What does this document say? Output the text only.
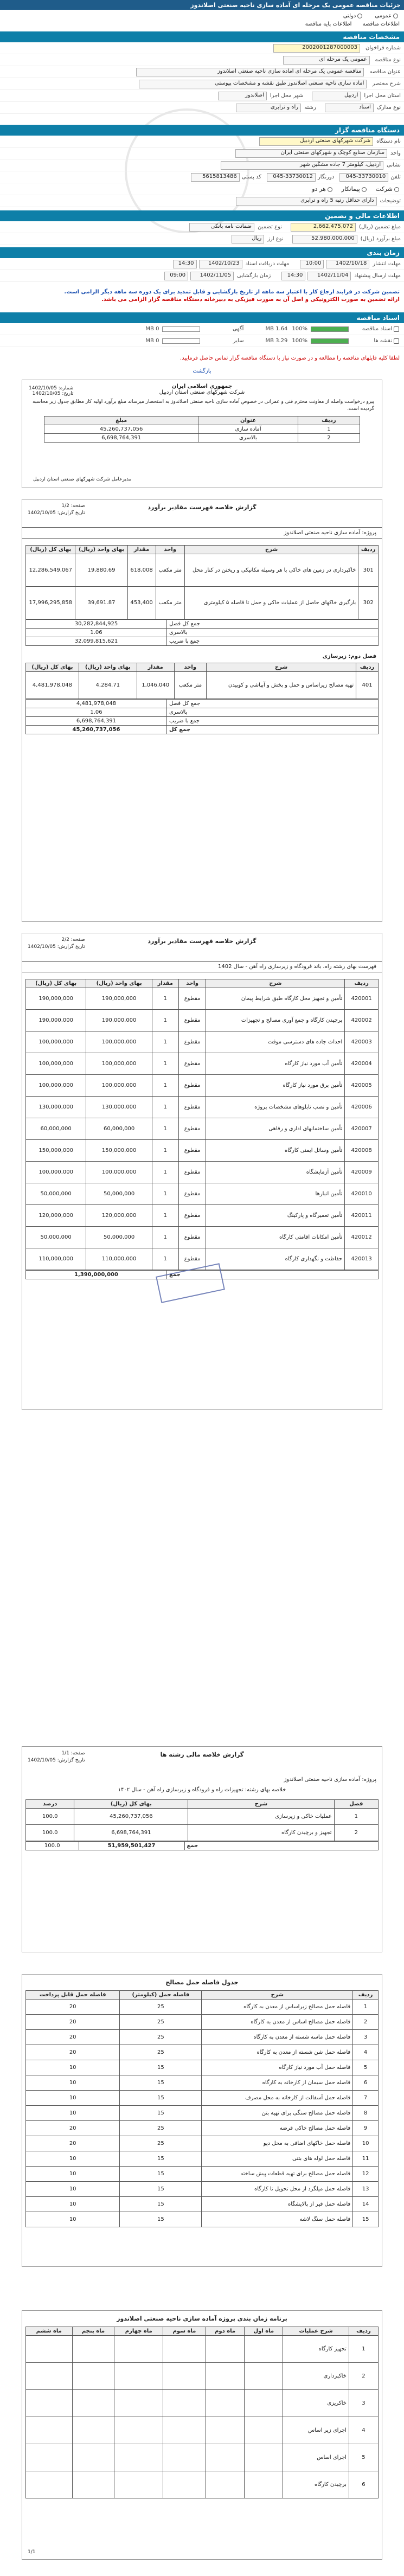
جزئیات مناقصه عمومی یک مرحله ای آماده سازی ناحیه صنعتی اصلاندوز
عمومی
دولتی
اطلاعات مناقصه
اطلاعات پایه مناقصه
مشخصات مناقصه
شماره فراخوان
2002001287000003
نوع مناقصه
عمومی یک مرحله ای
عنوان مناقصه
مناقصه عمومی یک مرحله ای آماده سازی ناحیه صنعتی اصلاندوز
شرح مختصر
آماده سازی ناحیه صنعتی اصلاندوز طبق نقشه و مشخصات پیوستی
استان محل اجرا
اردبیل
شهر محل اجرا
اصلاندوز
نوع مدارک
اسناد
رشته
راه و ترابری
دستگاه مناقصه گزار
نام دستگاه
شرکت شهرکهای صنعتی اردبیل
واحد
سازمان صنایع کوچک و شهرکهای صنعتی ایران
نشانی
اردبیل، کیلومتر 7 جاده مشگین شهر
تلفن
045-33730010
دورنگار
045-33730012
کد پستی
5615813486
شرکت
پیمانکار
هر دو
توضیحات
دارای حداقل رتبه 5 راه و ترابری
اطلاعات مالی و تضمین
مبلغ تضمین (ریال)
2,662,475,072
نوع تضمین
ضمانت نامه بانکی
مبلغ برآورد (ریال)
52,980,000,000
نوع ارز
ریال
زمان بندی
مهلت انتشار
1402/10/18
10:00
مهلت دریافت اسناد
1402/10/23
14:30
مهلت ارسال پیشنهاد
1402/11/04
14:30
زمان بازگشایی
1402/11/05
09:00
تضمین شرکت در فرایند ارجاع کار با اعتبار سه ماهه از تاریخ بازگشایی و قابل تمدید برای یک دوره سه ماهه دیگر الزامی است.
ارائه تضمین به صورت الکترونیکی و اصل آن به صورت فیزیکی به دبیرخانه دستگاه مناقصه گزار الزامی می باشد.
اسناد مناقصه
اسناد مناقصه
100%
1.64 MB
آگهی
0 MB
نقشه ها
100%
3.29 MB
سایر
0 MB
لطفا کلیه فایلهای مناقصه را مطالعه و در صورت نیاز با دستگاه مناقصه گزار تماس حاصل فرمایید.
بازگشت
جمهوری اسلامی ایران
شرکت شهرکهای صنعتی استان اردبیل
شماره: 1402/10/05
تاریخ: 1402/10/05
پیرو درخواست واصله از معاونت محترم فنی و عمرانی در خصوص آماده سازی ناحیه صنعتی اصلاندوز به استحضار میرساند مبلغ برآورد اولیه کار مطابق جدول زیر محاسبه گردیده است.
ردیف	عنوان	مبلغ
1	آماده سازی	45,260,737,056
2	بالاسری	6,698,764,391
مدیرعامل شرکت شهرکهای صنعتی استان اردبیل
گزارش خلاصه فهرست مقادیر برآورد
صفحه: 1/2
تاریخ گزارش: 1402/10/05
پروژه: آماده سازی ناحیه صنعتی اصلاندوز
ردیف	شرح	واحد	مقدار	بهای واحد (ریال)	بهای کل (ریال)
301	خاکبرداری در زمین های خاکی با هر وسیله مکانیکی و ریختن در کنار محل	متر مکعب	618,008	19,880.69	12,286,549,067
302	بارگیری خاکهای حاصل از عملیات خاکی و حمل تا فاصله ۵ کیلومتری	متر مکعب	453,400	39,691.87	17,996,295,858
جمع کل فصل	30,282,844,925
بالاسری	1.06
جمع با ضریب	32,099,815,621
فصل دوم: زیرسازی
ردیف	شرح	واحد	مقدار	بهای واحد (ریال)	بهای کل (ریال)
401	تهیه مصالح زیراساس و حمل و پخش و آبپاشی و کوبیدن	متر مکعب	1,046,040	4,284.71	4,481,978,048
جمع کل فصل	4,481,978,048
بالاسری	1.06
جمع با ضریب	6,698,764,391
جمع کل	45,260,737,056
گزارش خلاصه فهرست مقادیر برآورد
صفحه: 2/2
تاریخ گزارش: 1402/10/05
فهرست بهای رشته راه، باند فرودگاه و زیرسازی راه آهن - سال 1402
ردیف	شرح	واحد	مقدار	بهای واحد (ریال)	بهای کل (ریال)
420001	تأمین و تجهیز محل کارگاه طبق شرایط پیمان	مقطوع	1	190,000,000	190,000,000
420002	برچیدن کارگاه و جمع آوری مصالح و تجهیزات	مقطوع	1	190,000,000	190,000,000
420003	احداث جاده های دسترسی موقت	مقطوع	1	100,000,000	100,000,000
420004	تأمین آب مورد نیاز کارگاه	مقطوع	1	100,000,000	100,000,000
420005	تأمین برق مورد نیاز کارگاه	مقطوع	1	100,000,000	100,000,000
420006	تأمین و نصب تابلوهای مشخصات پروژه	مقطوع	1	130,000,000	130,000,000
420007	تأمین ساختمانهای اداری و رفاهی	مقطوع	1	60,000,000	60,000,000
420008	تأمین وسائل ایمنی کارگاه	مقطوع	1	150,000,000	150,000,000
420009	تأمین آزمایشگاه	مقطوع	1	100,000,000	100,000,000
420010	تأمین انبارها	مقطوع	1	50,000,000	50,000,000
420011	تأمین تعمیرگاه و پارکینگ	مقطوع	1	120,000,000	120,000,000
420012	تأمین امکانات اقامتی کارگاه	مقطوع	1	50,000,000	50,000,000
420013	حفاظت و نگهداری کارگاه	مقطوع	1	110,000,000	110,000,000
جمع	1,390,000,000
گزارش خلاصه مالی رشته ها
صفحه: 1/1
تاریخ گزارش: 1402/10/05
پروژه: آماده سازی ناحیه صنعتی اصلاندوز
خلاصه بهای رشته: تجهیزات راه و فرودگاه و زیرسازی راه آهن - سال ۱۴۰۲
فصل	شرح	بهای کل (ریال)	درصد
1	عملیات خاکی و زیرسازی	45,260,737,056	100.0
2	تجهیز و برچیدن کارگاه	6,698,764,391	100.0
جمع	51,959,501,427	100.0
جدول فاصله حمل مصالح
ردیف	شرح	فاصله حمل (کیلومتر)	فاصله حمل قابل پرداخت
1	فاصله حمل مصالح زیراساس از معدن به کارگاه	25	20
2	فاصله حمل مصالح اساس از معدن به کارگاه	25	20
3	فاصله حمل ماسه شسته از معدن به کارگاه	25	20
4	فاصله حمل شن شسته از معدن به کارگاه	25	20
5	فاصله حمل آب مورد نیاز کارگاه	15	10
6	فاصله حمل سیمان از کارخانه به کارگاه	15	10
7	فاصله حمل آسفالت از کارخانه به محل مصرف	15	10
8	فاصله حمل مصالح سنگی برای تهیه بتن	15	10
9	فاصله حمل مصالح خاکی قرضه	25	20
10	فاصله حمل خاکهای اضافی به محل دپو	25	20
11	فاصله حمل لوله های بتنی	15	10
12	فاصله حمل مصالح برای تهیه قطعات پیش ساخته	15	10
13	فاصله حمل میلگرد از محل تحویل تا کارگاه	15	10
14	فاصله حمل قیر از پالایشگاه	15	10
15	فاصله حمل سنگ لاشه	15	10
برنامه زمان بندی پروژه آماده سازی ناحیه صنعتی اصلاندوز
ردیف	شرح عملیات	ماه اول	ماه دوم	ماه سوم	ماه چهارم	ماه پنجم	ماه ششم
1	تجهیز کارگاه						
2	خاکبرداری						
3	خاکریزی						
4	اجرای زیر اساس						
5	اجرای اساس						
6	برچیدن کارگاه						
1/1
